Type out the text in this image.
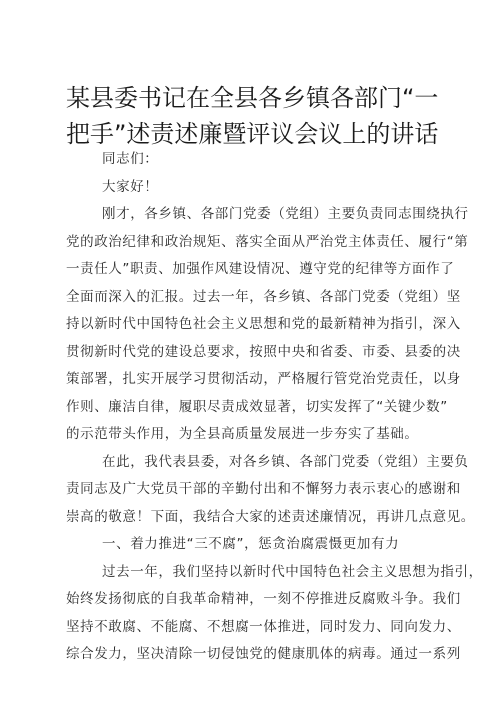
某县委书记在全县各乡镇各部门“一
把手”述责述廉暨评议会议上的讲话
同志们：
大家好！
刚才，各乡镇、各部门党委（党组）主要负责同志围绕执行
党的政治纪律和政治规矩、落实全面从严治党主体责任、履行“第
一责任人”职责、加强作风建设情况、遵守党的纪律等方面作了
全面而深入的汇报。过去一年，各乡镇、各部门党委（党组）坚
持以新时代中国特色社会主义思想和党的最新精神为指引，深入
贯彻新时代党的建设总要求，按照中央和省委、市委、县委的决
策部署，扎实开展学习贯彻活动，严格履行管党治党责任，以身
作则、廉洁自律，履职尽责成效显著，切实发挥了“关键少数”
的示范带头作用，为全县高质量发展进一步夯实了基础。
在此，我代表县委，对各乡镇、各部门党委（党组）主要负
责同志及广大党员干部的辛勤付出和不懈努力表示衷心的感谢和
崇高的敬意！下面，我结合大家的述责述廉情况，再讲几点意见。
一、着力推进“三不腐”，惩贪治腐震慑更加有力
过去一年，我们坚持以新时代中国特色社会主义思想为指引，
始终发扬彻底的自我革命精神，一刻不停推进反腐败斗争。我们
坚持不敢腐、不能腐、不想腐一体推进，同时发力、同向发力、
综合发力，坚决清除一切侵蚀党的健康肌体的病毒。通过一系列
